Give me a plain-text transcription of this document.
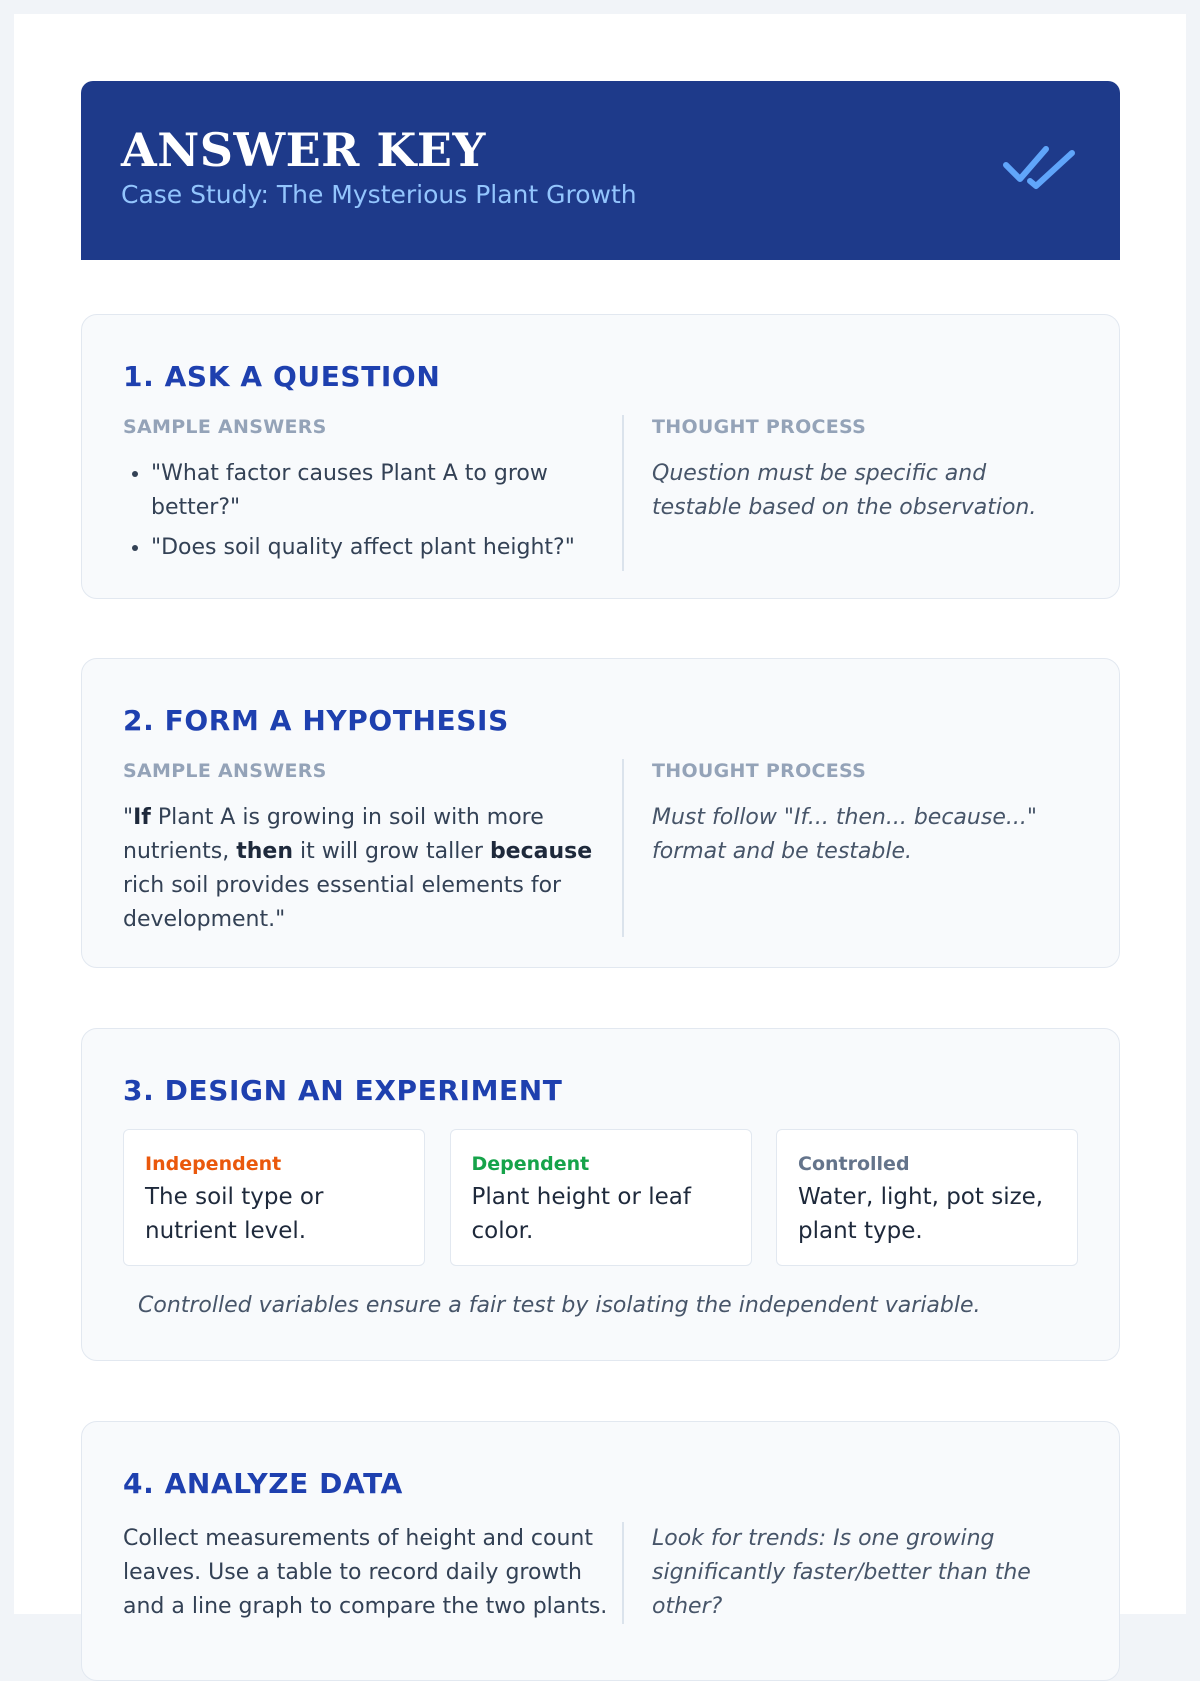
ANSWER KEY
Case Study: The Mysterious Plant Growth
1. ASK A QUESTION
SAMPLE ANSWERS
• "What factor causes Plant A to grow better?"
• "Does soil quality affect plant height?"
THOUGHT PROCESS
Question must be specific and testable based on the observation.
2. FORM A HYPOTHESIS
SAMPLE ANSWERS
"If Plant A is growing in soil with more nutrients, then it will grow taller because rich soil provides essential elements for development."
THOUGHT PROCESS
Must follow "If... then... because..." format and be testable.
3. DESIGN AN EXPERIMENT
Independent
The soil type or nutrient level.
Dependent
Plant height or leaf color.
Controlled
Water, light, pot size, plant type.
Controlled variables ensure a fair test by isolating the independent variable.
4. ANALYZE DATA
Collect measurements of height and count leaves. Use a table to record daily growth and a line graph to compare the two plants.
Look for trends: Is one growing significantly faster/better than the other?
